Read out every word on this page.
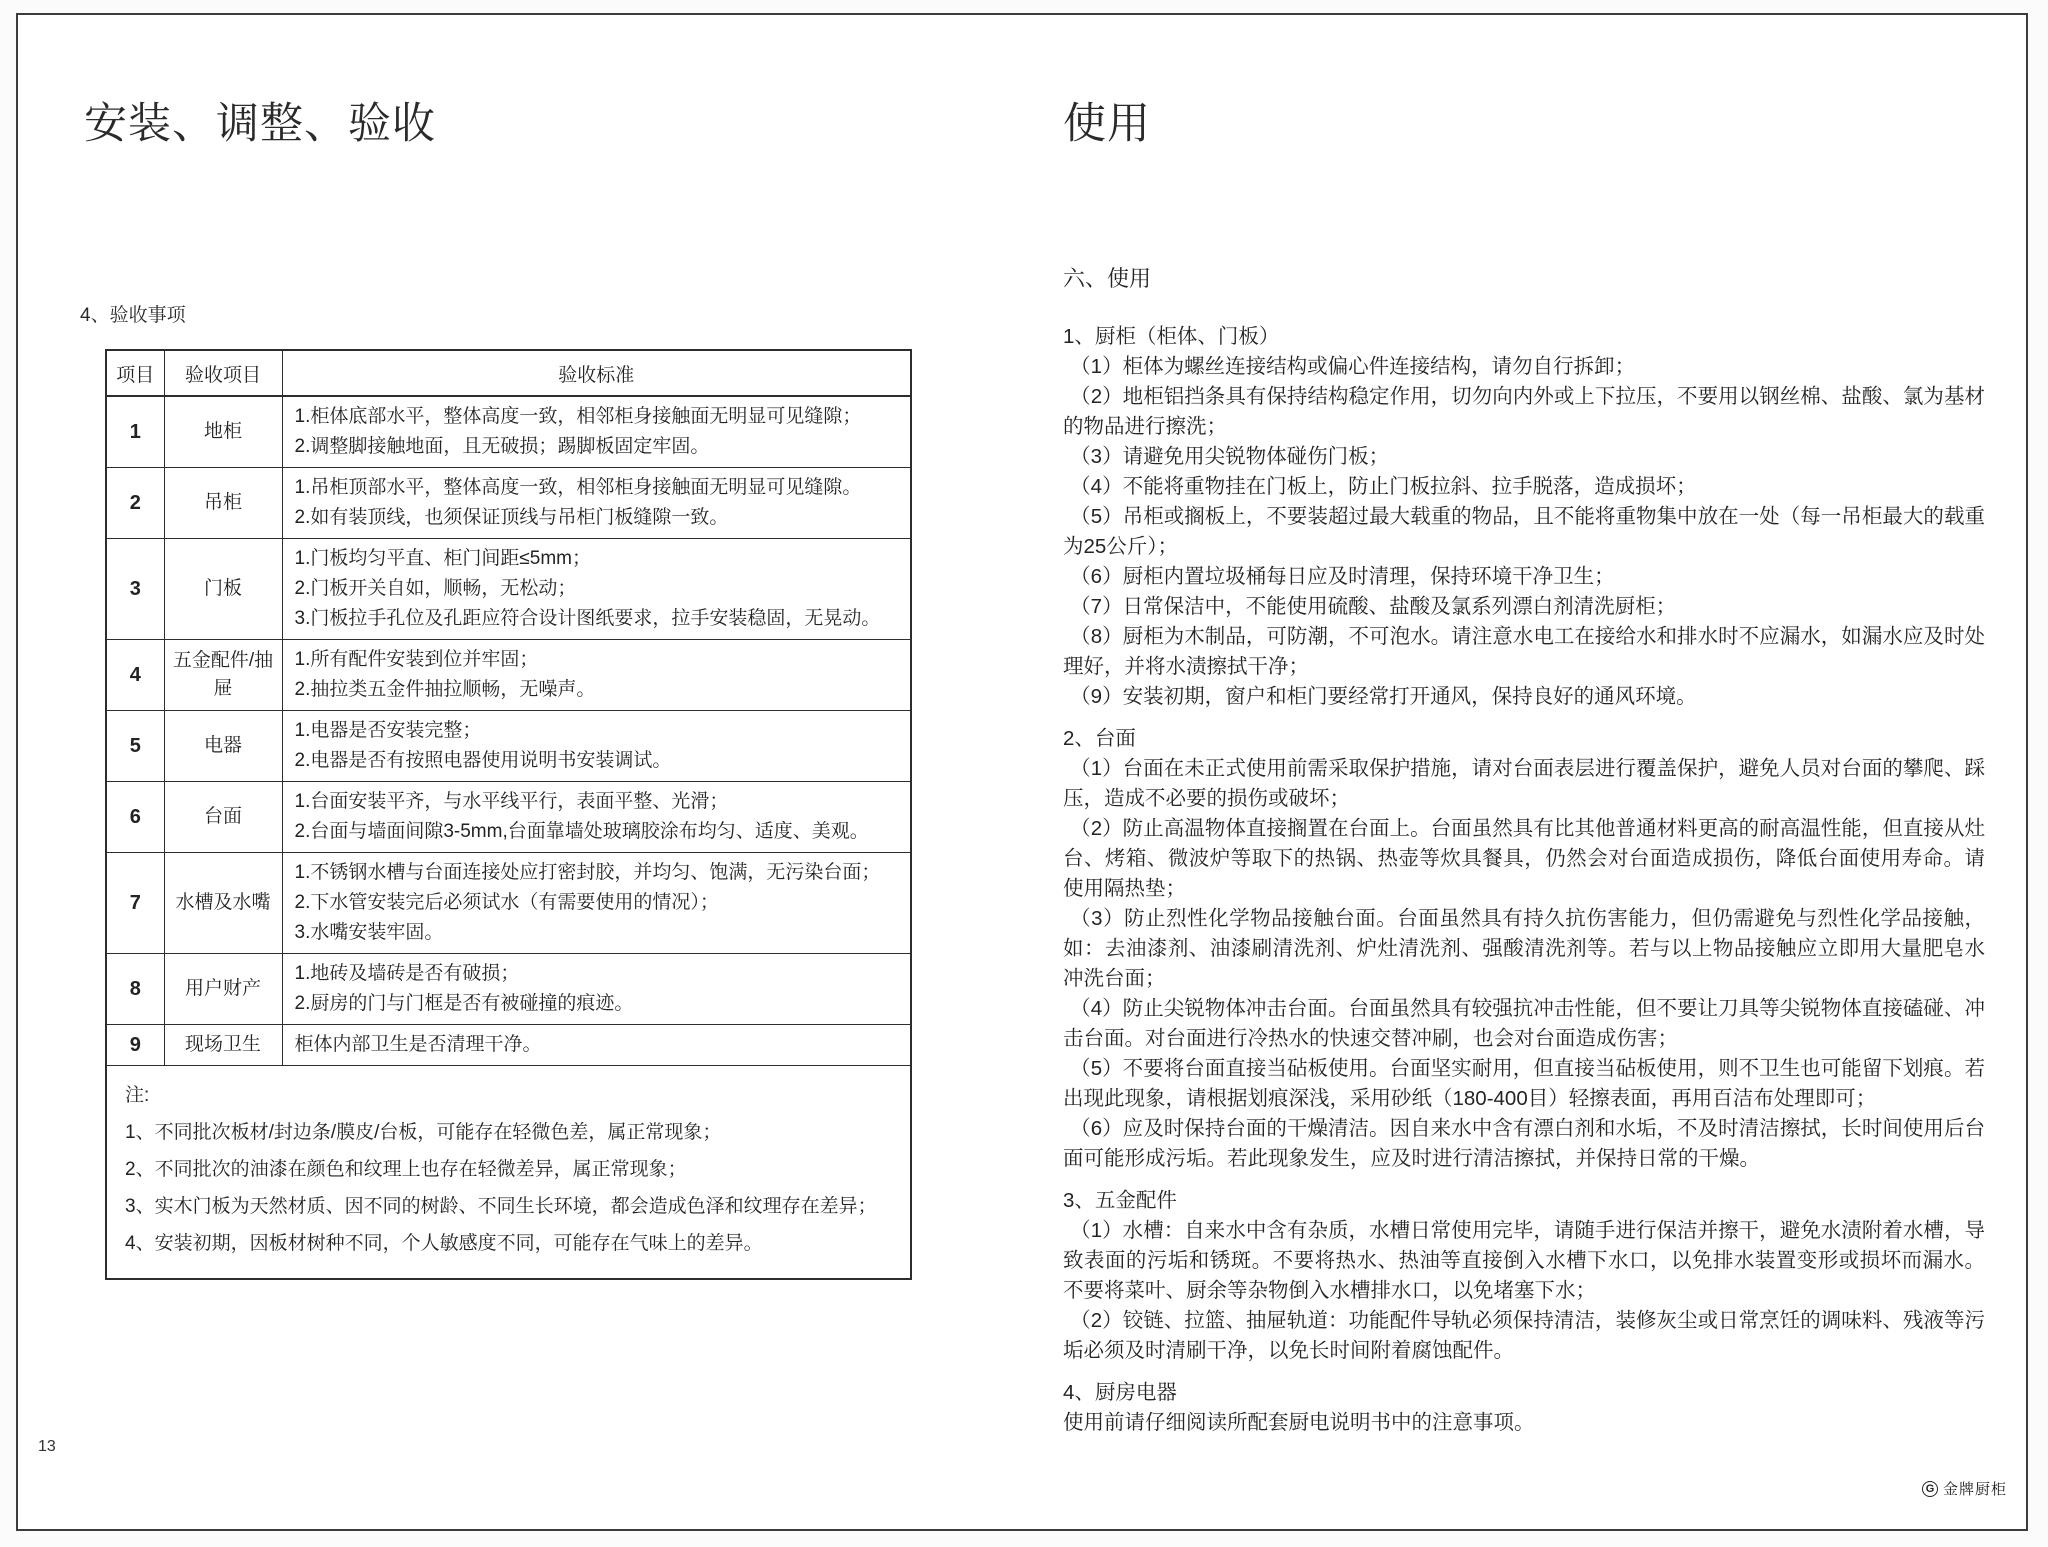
安装、调整、验收
4、验收事项
项目	验收项目	验收标准
1	地柜	1.柜体底部水平，整体高度一致，相邻柜身接触面无明显可见缝隙；
2.调整脚接触地面，且无破损；踢脚板固定牢固。

2	吊柜	1.吊柜顶部水平，整体高度一致，相邻柜身接触面无明显可见缝隙。
2.如有装顶线，也须保证顶线与吊柜门板缝隙一致。

3	门板	1.门板均匀平直、柜门间距≤5mm；
2.门板开关自如，顺畅，无松动；
3.门板拉手孔位及孔距应符合设计图纸要求，拉手安装稳固，无晃动。

4	五金配件/抽屉	1.所有配件安装到位并牢固；
2.抽拉类五金件抽拉顺畅，无噪声。

5	电器	1.电器是否安装完整；
2.电器是否有按照电器使用说明书安装调试。

6	台面	1.台面安装平齐，与水平线平行，表面平整、光滑；
2.台面与墙面间隙3-5mm,台面靠墙处玻璃胶涂布均匀、适度、美观。

7	水槽及水嘴	1.不锈钢水槽与台面连接处应打密封胶，并均匀、饱满，无污染台面；
2.下水管安装完后必须试水（有需要使用的情况）；
3.水嘴安装牢固。

8	用户财产	1.地砖及墙砖是否有破损；
2.厨房的门与门框是否有被碰撞的痕迹。

9	现场卫生	柜体内部卫生是否清理干净。

注:
1、不同批次板材/封边条/膜皮/台板，可能存在轻微色差，属正常现象；
2、不同批次的油漆在颜色和纹理上也存在轻微差异，属正常现象；
3、实木门板为天然材质、因不同的树龄、不同生长环境，都会造成色泽和纹理存在差异；
4、安装初期，因板材树种不同，个人敏感度不同，可能存在气味上的差异。		
13
使用
六、使用
1、厨柜（柜体、门板）

（1）柜体为螺丝连接结构或偏心件连接结构，请勿自行拆卸；

（2）地柜铝挡条具有保持结构稳定作用，切勿向内外或上下拉压，不要用以钢丝棉、盐酸、氯为基材的物品进行擦洗；

（3）请避免用尖锐物体碰伤门板；

（4）不能将重物挂在门板上，防止门板拉斜、拉手脱落，造成损坏；

（5）吊柜或搁板上，不要装超过最大载重的物品，且不能将重物集中放在一处（每一吊柜最大的载重为25公斤）；

（6）厨柜内置垃圾桶每日应及时清理，保持环境干净卫生；

（7）日常保洁中，不能使用硫酸、盐酸及氯系列漂白剂清洗厨柜；

（8）厨柜为木制品，可防潮，不可泡水。请注意水电工在接给水和排水时不应漏水，如漏水应及时处理好，并将水渍擦拭干净；

（9）安装初期，窗户和柜门要经常打开通风，保持良好的通风环境。

2、台面

（1）台面在未正式使用前需采取保护措施，请对台面表层进行覆盖保护，避免人员对台面的攀爬、踩压，造成不必要的损伤或破坏；

（2）防止高温物体直接搁置在台面上。台面虽然具有比其他普通材料更高的耐高温性能，但直接从灶台、烤箱、微波炉等取下的热锅、热壶等炊具餐具，仍然会对台面造成损伤，降低台面使用寿命。请使用隔热垫；

（3）防止烈性化学物品接触台面。台面虽然具有持久抗伤害能力，但仍需避免与烈性化学品接触，如：去油漆剂、油漆刷清洗剂、炉灶清洗剂、强酸清洗剂等。若与以上物品接触应立即用大量肥皂水冲洗台面；

（4）防止尖锐物体冲击台面。台面虽然具有较强抗冲击性能，但不要让刀具等尖锐物体直接磕碰、冲击台面。对台面进行冷热水的快速交替冲刷，也会对台面造成伤害；

（5）不要将台面直接当砧板使用。台面坚实耐用，但直接当砧板使用，则不卫生也可能留下划痕。若出现此现象，请根据划痕深浅，采用砂纸（180-400目）轻擦表面，再用百洁布处理即可；

（6）应及时保持台面的干燥清洁。因自来水中含有漂白剂和水垢，不及时清洁擦拭，长时间使用后台面可能形成污垢。若此现象发生，应及时进行清洁擦拭，并保持日常的干燥。

3、五金配件

（1）水槽：自来水中含有杂质，水槽日常使用完毕，请随手进行保洁并擦干，避免水渍附着水槽，导致表面的污垢和锈斑。不要将热水、热油等直接倒入水槽下水口，以免排水装置变形或损坏而漏水。不要将菜叶、厨余等杂物倒入水槽排水口，以免堵塞下水；

（2）铰链、拉篮、抽屉轨道：功能配件导轨必须保持清洁，装修灰尘或日常烹饪的调味料、残液等污垢必须及时清刷干净，以免长时间附着腐蚀配件。

4、厨房电器

使用前请仔细阅读所配套厨电说明书中的注意事项。

G 金牌厨柜
